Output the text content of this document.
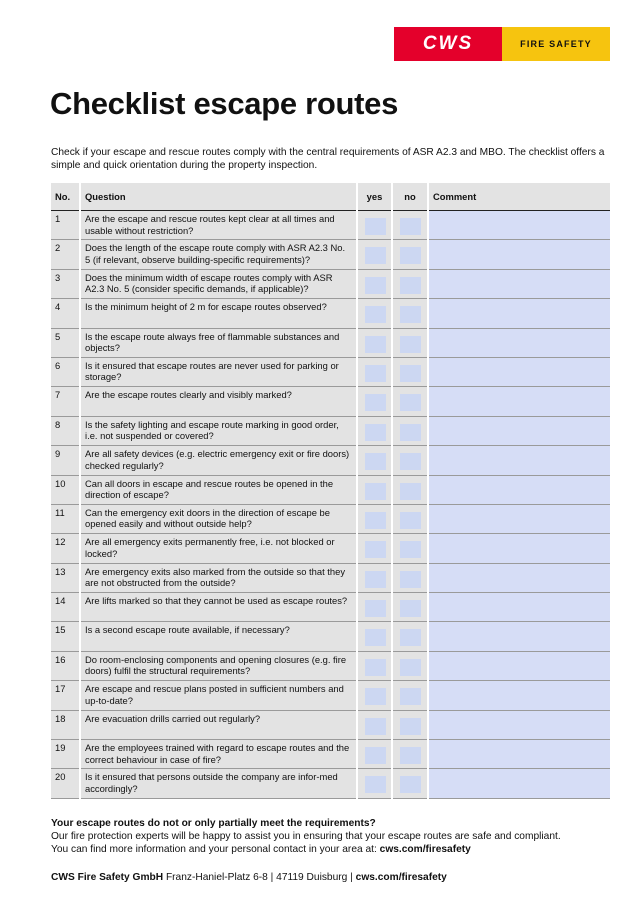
CWS	FIRE SAFETY
Checklist escape routes

Check if your escape and rescue routes comply with the central requirements of ASR A2.3 and MBO. The checklist offers a simple and quick orientation during the property inspection.

No.	Question	yes	no	Comment
1	Are the escape and rescue routes kept clear at all times and usable without restriction?	

2	Does the length of the escape route comply with ASR A2.3 No. 5 (if relevant, observe building-specific requirements)?	

3	Does the minimum width of escape routes comply with ASR A2.3 No. 5 (consider specific demands, if applicable)?	

4	Is the minimum height of 2 m for escape routes observed?	

5	Is the escape route always free of flammable substances and objects?	

6	Is it ensured that escape routes are never used for parking or storage?	

7	Are the escape routes clearly and visibly marked?	

8	Is the safety lighting and escape route marking in good order, i.e. not suspended or covered?	

9	Are all safety devices (e.g. electric emergency exit or fire doors) checked regularly?	

10	Can all doors in escape and rescue routes be opened in the direction of escape?	

11	Can the emergency exit doors in the direction of escape be opened easily and without outside help?	

12	Are all emergency exits permanently free, i.e. not blocked or locked?	

13	Are emergency exits also marked from the outside so that they are not obstructed from the outside?	

14	Are lifts marked so that they cannot be used as escape routes?	

15	Is a second escape route available, if necessary?	

16	Do room-enclosing components and opening closures (e.g. fire doors) fulfil the structural requirements?	

17	Are escape and rescue plans posted in sufficient numbers and up-to-date?	

18	Are evacuation drills carried out regularly?	

19	Are the employees trained with regard to escape routes and the correct behaviour in case of fire?	

20	Is it ensured that persons outside the company are infor-med accordingly?	

Your escape routes do not or only partially meet the requirements?

Our fire protection experts will be happy to assist you in ensuring that your escape routes are safe and compliant.
You can find more information and your personal contact in your area at: cws.com/firesafety

CWS Fire Safety GmbH Franz-Haniel-Platz 6-8 | 47119 Duisburg | cws.com/firesafety
